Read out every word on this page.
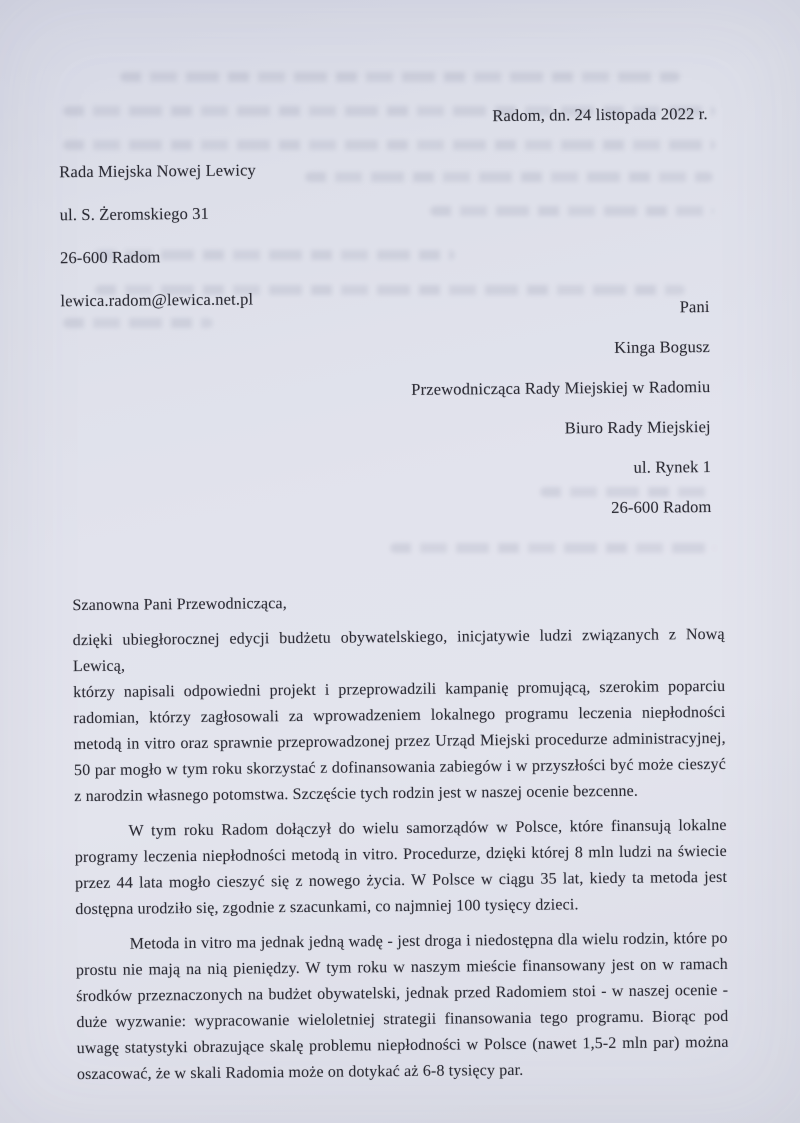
Radom, dn. 24 listopada 2022 r.
Rada Miejska Nowej Lewicy
ul. S. Żeromskiego 31
26-600 Radom
lewica.radom@lewica.net.pl	Pani
Kinga Bogusz
Przewodnicząca Rady Miejskiej w Radomiu
Biuro Rady Miejskiej
ul. Rynek 1
26-600 Radom
Szanowna Pani Przewodnicząca,
dzięki ubiegłorocznej edycji budżetu obywatelskiego, inicjatywie ludzi związanych z Nową Lewicą,
którzy napisali odpowiedni projekt i przeprowadzili kampanię promującą, szerokim poparciu
radomian, którzy zagłosowali za wprowadzeniem lokalnego programu leczenia niepłodności
metodą in vitro oraz sprawnie przeprowadzonej przez Urząd Miejski procedurze administracyjnej,
50 par mogło w tym roku skorzystać z dofinansowania zabiegów i w przyszłości być może cieszyć
z narodzin własnego potomstwa. Szczęście tych rodzin jest w naszej ocenie bezcenne.
W tym roku Radom dołączył do wielu samorządów w Polsce, które finansują lokalne
programy leczenia niepłodności metodą in vitro. Procedurze, dzięki której 8 mln ludzi na świecie
przez 44 lata mogło cieszyć się z nowego życia. W Polsce w ciągu 35 lat, kiedy ta metoda jest
dostępna urodziło się, zgodnie z szacunkami, co najmniej 100 tysięcy dzieci.
Metoda in vitro ma jednak jedną wadę - jest droga i niedostępna dla wielu rodzin, które po
prostu nie mają na nią pieniędzy. W tym roku w naszym mieście finansowany jest on w ramach
środków przeznaczonych na budżet obywatelski, jednak przed Radomiem stoi - w naszej ocenie -
duże wyzwanie: wypracowanie wieloletniej strategii finansowania tego programu. Biorąc pod
uwagę statystyki obrazujące skalę problemu niepłodności w Polsce (nawet 1,5-2 mln par) można
oszacować, że w skali Radomia może on dotykać aż 6-8 tysięcy par.
